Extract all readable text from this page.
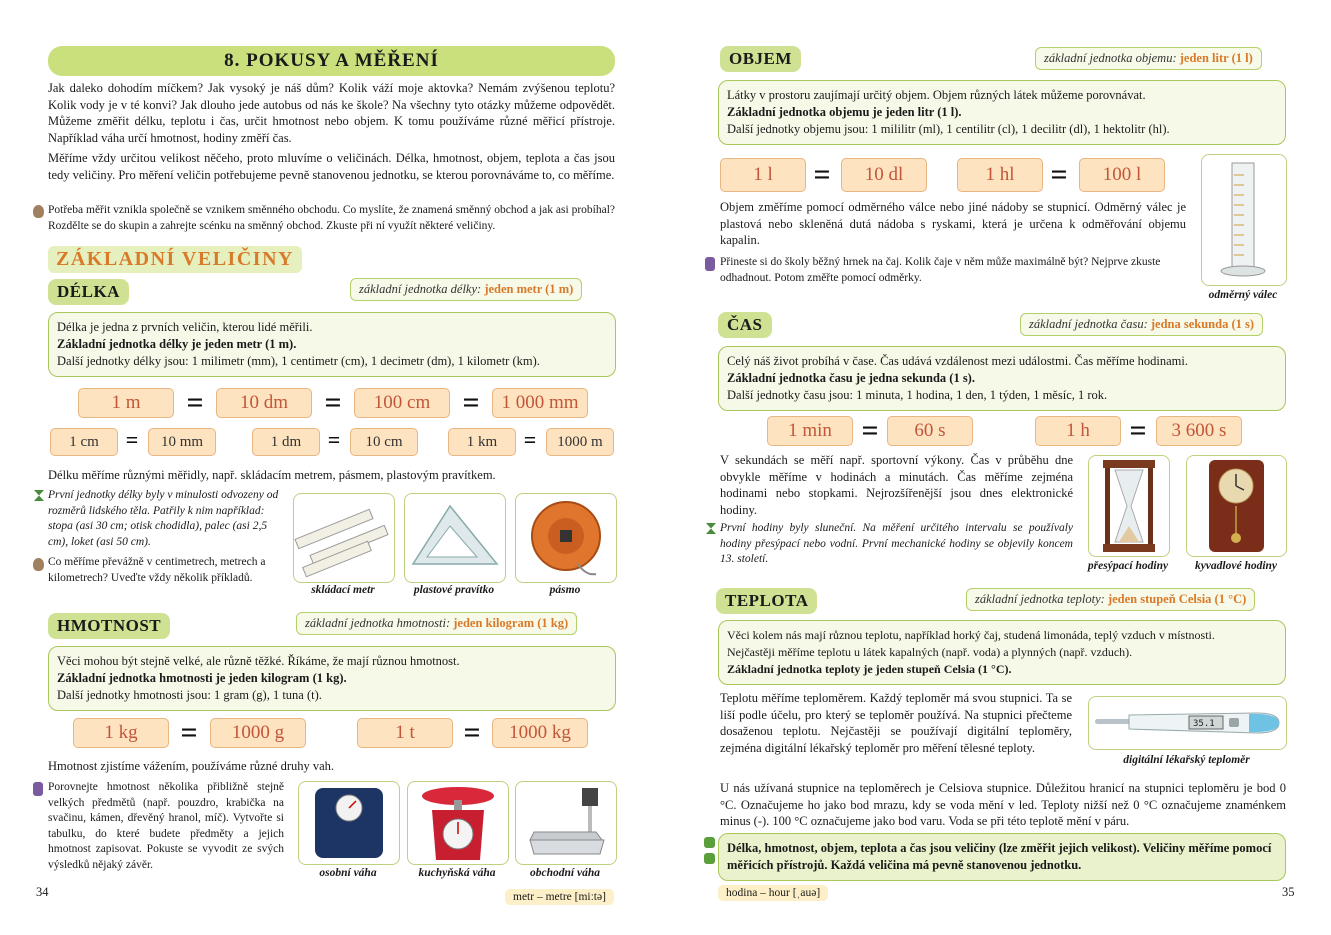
8. POKUSY A MĚŘENÍ
Jak daleko dohodím míčkem? Jak vysoký je náš dům? Kolik váží moje aktovka? Nemám zvýšenou teplotu? Kolik vody je v té konvi? Jak dlouho jede autobus od nás ke škole? Na všechny tyto otázky můžeme odpovědět. Můžeme změřit délku, teplotu i čas, určit hmotnost nebo objem. K tomu používáme různé měřicí přístroje. Například váha určí hmotnost, hodiny změří čas.
Měříme vždy určitou velikost něčeho, proto mluvíme o veličinách. Délka, hmotnost, objem, teplota a čas jsou tedy veličiny. Pro měření veličin potřebujeme pevně stanovenou jednotku, se kterou porovnáváme to, co měříme.
Potřeba měřit vznikla společně se vznikem směnného obchodu. Co myslíte, že znamená směnný obchod a jak asi probíhal? Rozdělte se do skupin a zahrejte scénku na směnný obchod. Zkuste při ní využít některé veličiny.
ZÁKLADNÍ VELIČINY
DÉLKA	základní jednotka délky: jeden metr (1 m)
Délka je jedna z prvních veličin, kterou lidé měřili.
Základní jednotka délky je jeden metr (1 m).
Další jednotky délky jsou: 1 milimetr (mm), 1 centimetr (cm), 1 decimetr (dm), 1 kilometr (km).
1 m	=	10 dm	=	100 cm	=	1 000 mm
1 cm	=	10 mm	1 dm	=	10 cm	1 km	=	1000 m
Délku měříme různými měřidly, např. skládacím metrem, pásmem, plastovým pravítkem.
První jednotky délky byly v minulosti odvozeny od rozměrů lidského těla. Patřily k nim například: stopa (asi 30 cm; otisk chodidla), palec (asi 2,5 cm), loket (asi 50 cm).
Co měříme převážně v centimetrech, metrech a kilometrech? Uveďte vždy několik příkladů.
skládací metr	plastové pravítko	pásmo
HMOTNOST	základní jednotka hmotnosti: jeden kilogram (1 kg)
Věci mohou být stejně velké, ale různě těžké. Říkáme, že mají různou hmotnost.
Základní jednotka hmotnosti je jeden kilogram (1 kg).
Další jednotky hmotnosti jsou: 1 gram (g), 1 tuna (t).
1 kg	=	1000 g	1 t	=	1000 kg
Hmotnost zjistíme vážením, používáme různé druhy vah.
Porovnejte hmotnost několika přibližně stejně velkých předmětů (např. pouzdro, krabička na svačinu, kámen, dřevěný hranol, míč). Vytvořte si tabulku, do které budete předměty a jejich hmotnost zapisovat. Pokuste se vyvodit ze svých výsledků nějaký závěr.
osobní váha	kuchyňská váha	obchodní váha
34	metr – metre [miːtə]
OBJEM	základní jednotka objemu: jeden litr (1 l)
Látky v prostoru zaujímají určitý objem. Objem různých látek můžeme porovnávat.
Základní jednotka objemu je jeden litr (1 l).
Další jednotky objemu jsou: 1 mililitr (ml), 1 centilitr (cl), 1 decilitr (dl), 1 hektolitr (hl).
1 l	=	10 dl	1 hl	=	100 l
Objem změříme pomocí odměrného válce nebo jiné nádoby se stupnicí. Odměrný válec je plastová nebo skleněná dutá nádoba s ryskami, která je určena k odměřování objemu kapalin.
Přineste si do školy běžný hrnek na čaj. Kolik čaje v něm může maximálně být? Nejprve zkuste odhadnout. Potom změřte pomocí odměrky.
odměrný válec
ČAS	základní jednotka času: jedna sekunda (1 s)
Celý náš život probíhá v čase. Čas udává vzdálenost mezi událostmi. Čas měříme hodinami.
Základní jednotka času je jedna sekunda (1 s).
Další jednotky času jsou: 1 minuta, 1 hodina, 1 den, 1 týden, 1 měsíc, 1 rok.
1 min =	60 s	1 h	=	3 600 s
V sekundách se měří např. sportovní výkony. Čas v průběhu dne obvykle měříme v hodinách a minutách. Čas měříme zejména hodinami nebo stopkami. Nejrozšířenější jsou dnes elektronické hodiny.
První hodiny byly sluneční. Na měření určitého intervalu se používaly hodiny přesýpací nebo vodní. První mechanické hodiny se objevily koncem 13. století.
přesýpací hodiny	kyvadlové hodiny
TEPLOTA	základní jednotka teploty: jeden stupeň Celsia (1 °C)
Věci kolem nás mají různou teplotu, například horký čaj, studená limonáda, teplý vzduch v místnosti.
Nejčastěji měříme teplotu u látek kapalných (např. voda) a plynných (např. vzduch).
Základní jednotka teploty je jeden stupeň Celsia (1 °C).
Teplotu měříme teploměrem. Každý teploměr má svou stupnici. Ta se liší podle účelu, pro který se teploměr používá. Na stupnici přečteme dosaženou teplotu. Nejčastěji se používají digitální teploměry, zejména digitální lékařský teploměr pro měření tělesné teploty.
35.1
digitální lékařský teploměr
U nás užívaná stupnice na teploměrech je Celsiova stupnice. Důležitou hranicí na stupnici teploměru je bod 0 °C. Označujeme ho jako bod mrazu, kdy se voda mění v led. Teploty nižší než 0 °C označujeme znaménkem minus (-). 100 °C označujeme jako bod varu. Voda se při této teplotě mění v páru.
Délka, hmotnost, objem, teplota a čas jsou veličiny (lze změřit jejich velikost). Veličiny měříme pomocí měřicích přístrojů. Každá veličina má pevně stanovenou jednotku.
hodina – hour [ˌauə]	35
